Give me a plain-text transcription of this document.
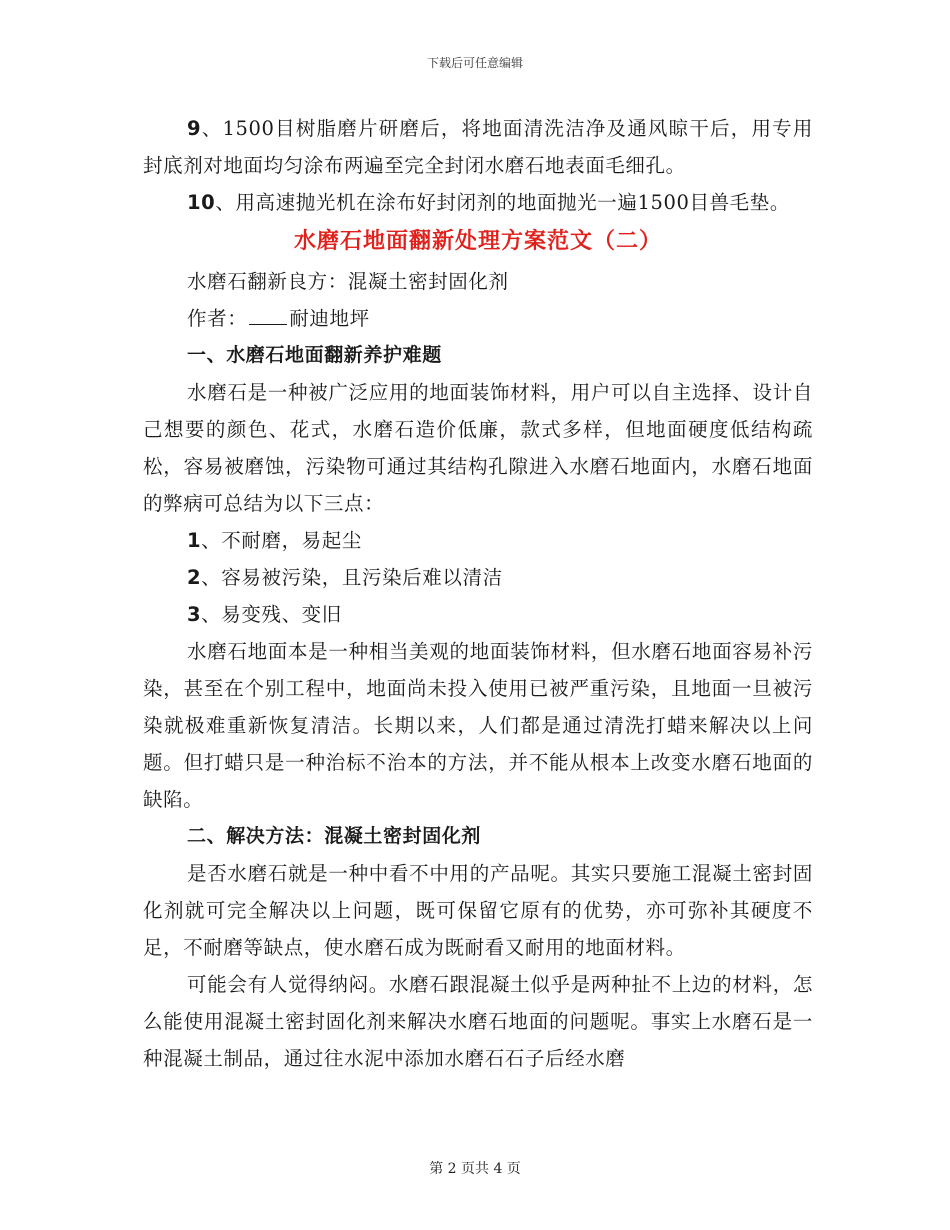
下载后可任意编辑

9、1500目树脂磨片研磨后，将地面清洗洁净及通风晾干后，用专用封底剂对地面均匀涂布两遍至完全封闭水磨石地表面毛细孔。

10、用高速抛光机在涂布好封闭剂的地面抛光一遍1500目兽毛垫。

水磨石地面翻新处理方案范文（二）

水磨石翻新良方：混凝土密封固化剂

作者： 耐迪地坪

一、水磨石地面翻新养护难题

水磨石是一种被广泛应用的地面装饰材料，用户可以自主选择、设计自己想要的颜色、花式，水磨石造价低廉，款式多样，但地面硬度低结构疏松，容易被磨蚀，污染物可通过其结构孔隙进入水磨石地面内，水磨石地面的弊病可总结为以下三点：

1、不耐磨，易起尘

2、容易被污染，且污染后难以清洁

3、易变残、变旧

水磨石地面本是一种相当美观的地面装饰材料，但水磨石地面容易补污染，甚至在个别工程中，地面尚未投入使用已被严重污染，且地面一旦被污染就极难重新恢复清洁。长期以来，人们都是通过清洗打蜡来解决以上问题。但打蜡只是一种治标不治本的方法，并不能从根本上改变水磨石地面的缺陷。

二、解决方法：混凝土密封固化剂

是否水磨石就是一种中看不中用的产品呢。其实只要施工混凝土密封固化剂就可完全解决以上问题，既可保留它原有的优势，亦可弥补其硬度不足，不耐磨等缺点，使水磨石成为既耐看又耐用的地面材料。

可能会有人觉得纳闷。水磨石跟混凝土似乎是两种扯不上边的材料，怎么能使用混凝土密封固化剂来解决水磨石地面的问题呢。事实上水磨石是一种混凝土制品，通过往水泥中添加水磨石石子后经水磨

第 2 页共 4 页
